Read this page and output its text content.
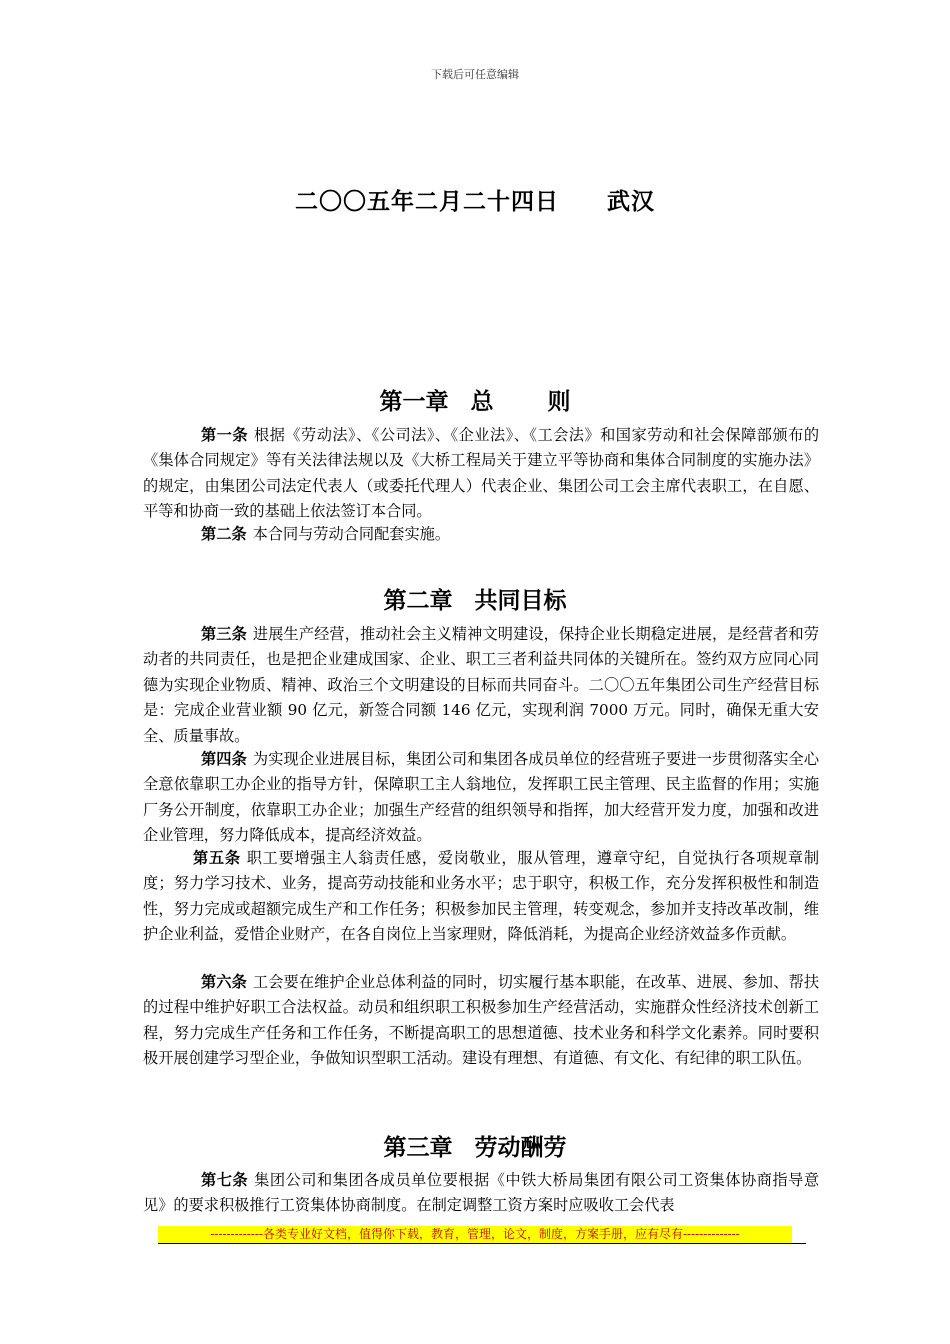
下载后可任意编辑
二〇〇五年二月二十四日 武汉
第一章 总 则
第一条 根据《劳动法》、《公司法》、《企业法》、《工会法》和国家劳动和社会保障部颁布的《集体合同规定》等有关法律法规以及《大桥工程局关于建立平等协商和集体合同制度的实施办法》的规定，由集团公司法定代表人（或委托代理人）代表企业、集团公司工会主席代表职工，在自愿、平等和协商一致的基础上依法签订本合同。
第二条 本合同与劳动合同配套实施。
第二章 共同目标
第三条 进展生产经营，推动社会主义精神文明建设，保持企业长期稳定进展，是经营者和劳动者的共同责任，也是把企业建成国家、企业、职工三者利益共同体的关键所在。签约双方应同心同德为实现企业物质、精神、政治三个文明建设的目标而共同奋斗。二〇〇五年集团公司生产经营目标是：完成企业营业额 90 亿元，新签合同额 146 亿元，实现利润 7000 万元。同时，确保无重大安全、质量事故。
第四条 为实现企业进展目标，集团公司和集团各成员单位的经营班子要进一步贯彻落实全心全意依靠职工办企业的指导方针，保障职工主人翁地位，发挥职工民主管理、民主监督的作用；实施厂务公开制度，依靠职工办企业；加强生产经营的组织领导和指挥，加大经营开发力度，加强和改进企业管理，努力降低成本，提高经济效益。
第五条 职工要增强主人翁责任感，爱岗敬业，服从管理，遵章守纪，自觉执行各项规章制度；努力学习技术、业务，提高劳动技能和业务水平；忠于职守，积极工作，充分发挥积极性和制造性，努力完成或超额完成生产和工作任务；积极参加民主管理，转变观念，参加并支持改革改制，维护企业利益，爱惜企业财产，在各自岗位上当家理财，降低消耗，为提高企业经济效益多作贡献。
第六条 工会要在维护企业总体利益的同时，切实履行基本职能，在改革、进展、参加、帮扶的过程中维护好职工合法权益。动员和组织职工积极参加生产经营活动，实施群众性经济技术创新工程，努力完成生产任务和工作任务，不断提高职工的思想道德、技术业务和科学文化素养。同时要积极开展创建学习型企业，争做知识型职工活动。建设有理想、有道德、有文化、有纪律的职工队伍。
第三章 劳动酬劳
第七条 集团公司和集团各成员单位要根据《中铁大桥局集团有限公司工资集体协商指导意见》的要求积极推行工资集体协商制度。在制定调整工资方案时应吸收工会代表
-------------各类专业好文档，值得你下载，教育，管理，论文，制度，方案手册，应有尽有--------------
